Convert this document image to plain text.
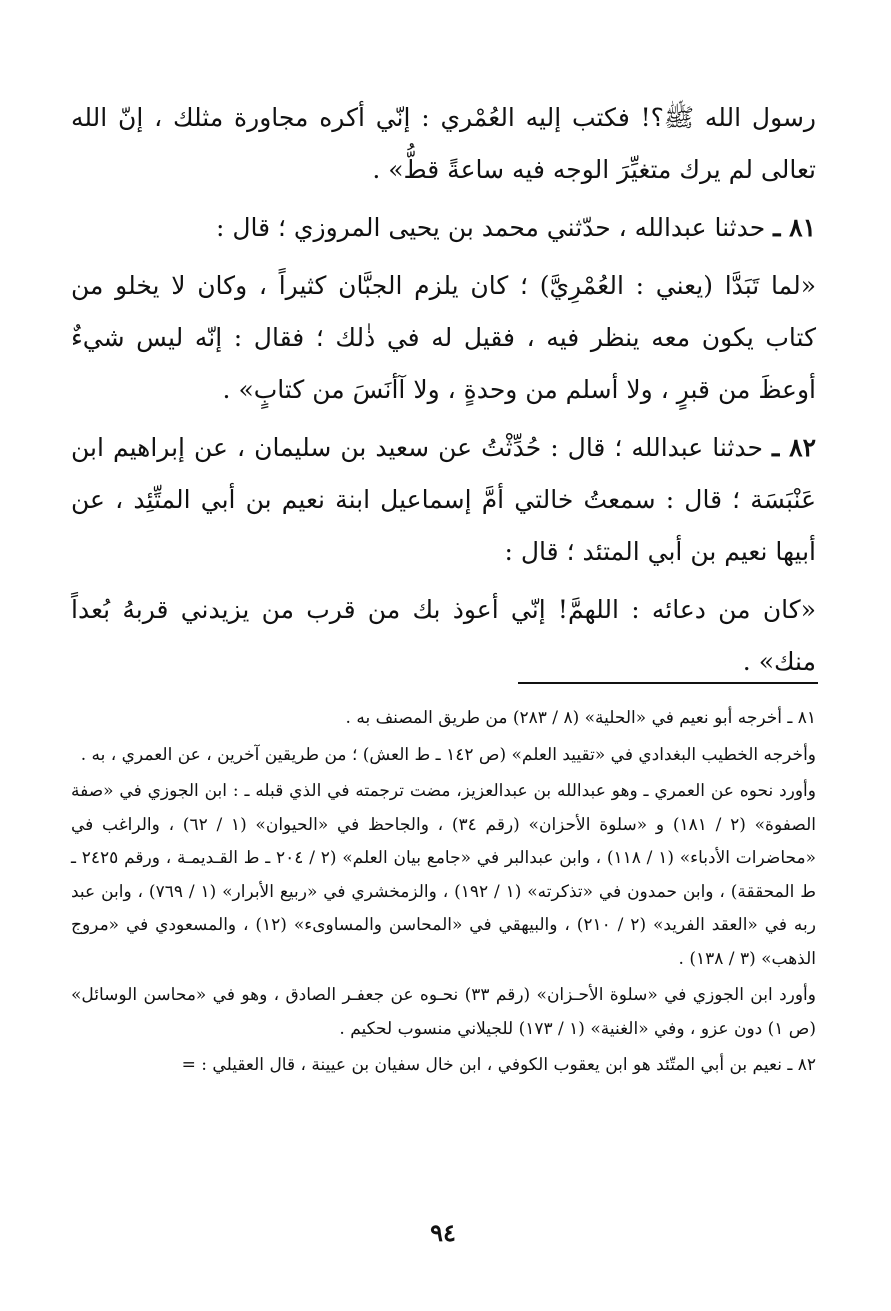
رسول الله ﷺ؟! فكتب إليه العُمْري : إنّي أكره مجاورة مثلك ، إنّ الله تعالى لم يرك متغيِّرَ الوجه فيه ساعةً قطُّ» .

٨١ ـ حدثنا عبدالله ، حدّثني محمد بن يحيى المروزي ؛ قال :

«لما تَبَدَّا (يعني : العُمْرِيَّ) ؛ كان يلزم الجبَّان كثيراً ، وكان لا يخلو من كتاب يكون معه ينظر فيه ، فقيل له في ذٰلك ؛ فقال : إنّه ليس شيءٌ أوعظَ من قبرٍ ، ولا أسلم من وحدةٍ ، ولا آأنَسَ من كتابٍ» .

٨٢ ـ حدثنا عبدالله ؛ قال : حُدِّثْتُ عن سعيد بن سليمان ، عن إبراهيم ابن عَنْبَسَة ؛ قال : سمعتُ خالتي أمَّ إسماعيل ابنة نعيم بن أبي المتِّئِد ، عن أبيها نعيم بن أبي المتئد ؛ قال :

«كان من دعائه : اللهمَّ! إنّي أعوذ بك من قرب من يزيدني قربهُ بُعداً منك» .

٨١ ـ أخرجه أبو نعيم في «الحلية» (٨ / ٢٨٣) من طريق المصنف به .

وأخرجه الخطيب البغدادي في «تقييد العلم» (ص ١٤٢ ـ ط العش) ؛ من طريقين آخرين ، عن العمري ، به .

وأورد نحوه عن العمري ـ وهو عبدالله بن عبدالعزيز، مضت ترجمته في الذي قبله ـ : ابن الجوزي في «صفة الصفوة» (٢ / ١٨١) و «سلوة الأحزان» (رقم ٣٤) ، والجاحظ في «الحيوان» (١ / ٦٢) ، والراغب في «محاضرات الأدباء» (١ / ١١٨) ، وابن عبدالبر في «جامع بيان العلم» (٢ / ٢٠٤ ـ ط القـديمـة ، ورقم ٢٤٢٥ ـ ط المحققة) ، وابن حمدون في «تذكرته» (١ / ١٩٢) ، والزمخشري في «ربيع الأبرار» (١ / ٧٦٩) ، وابن عبد ربه في «العقد الفريد» (٢ / ٢١٠) ، والبيهقي في «المحاسن والمساوىء» (١٢) ، والمسعودي في «مروج الذهب» (٣ / ١٣٨) .

وأورد ابن الجوزي في «سلوة الأحـزان» (رقم ٣٣) نحـوه عن جعفـر الصادق ، وهو في «محاسن الوسائل» (ص ١) دون عزو ، وفي «الغنية» (١ / ١٧٣) للجيلاني منسوب لحكيم .

٨٢ ـ نعيم بن أبي المتّئد هو ابن يعقوب الكوفي ، ابن خال سفيان بن عيينة ، قال العقيلي : =

٩٤
